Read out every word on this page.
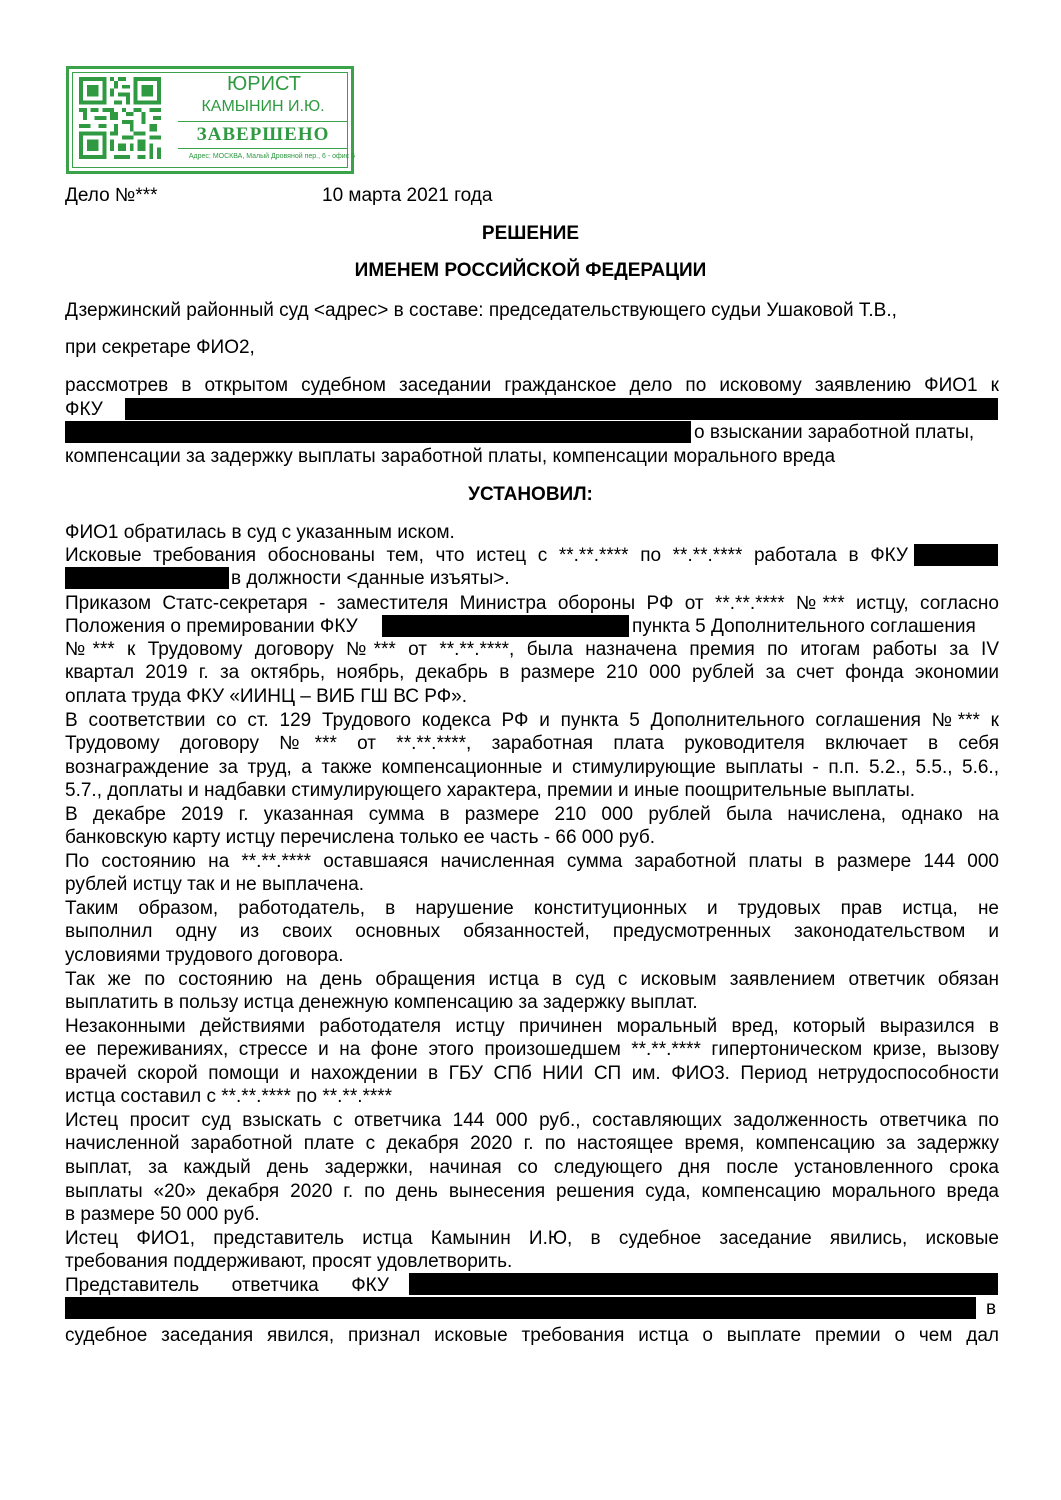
ЮРИСТ
КАМЫНИН И.Ю.
ЗАВЕРШЕНО
Адрес: МОСКВА, Малый Дровяной пер., 6 - офис 6
Дело №***	10 марта 2021 года
РЕШЕНИЕ
ИМЕНЕМ РОССИЙСКОЙ ФЕДЕРАЦИИ
Дзержинский районный суд <адрес> в составе: председательствующего судьи Ушаковой Т.В.,
при секретаре ФИО2,
рассмотрев в открытом судебном заседании гражданское дело по исковому заявлению ФИО1 к
ФКУ
о взыскании заработной платы,
компенсации за задержку выплаты заработной платы, компенсации морального вреда
УСТАНОВИЛ:
ФИО1 обратилась в суд с указанным иском.
Исковые требования обоснованы тем, что истец с **.**.**** по **.**.**** работала в ФКУ
в должности <данные изъяты>.
Приказом Статс-секретаря - заместителя Министра обороны РФ от **.**.**** №*** истцу, согласно
Положения о премировании ФКУ	пункта 5 Дополнительного соглашения
№*** к Трудовому договору №*** от **.**.****, была назначена премия по итогам работы за IV
квартал 2019 г. за октябрь, ноябрь, декабрь в размере 210 000 рублей за счет фонда экономии
оплата труда ФКУ «ИИНЦ – ВИБ ГШ ВС РФ».
В соответствии со ст. 129 Трудового кодекса РФ и пункта 5 Дополнительного соглашения №*** к
Трудовому договору №*** от **.**.****, заработная плата руководителя включает в себя
вознаграждение за труд, а также компенсационные и стимулирующие выплаты - п.п. 5.2., 5.5., 5.6.,
5.7., доплаты и надбавки стимулирующего характера, премии и иные поощрительные выплаты.
В декабре 2019 г. указанная сумма в размере 210 000 рублей была начислена, однако на
банковскую карту истцу перечислена только ее часть - 66 000 руб.
По состоянию на **.**.**** оставшаяся начисленная сумма заработной платы в размере 144 000
рублей истцу так и не выплачена.
Таким образом, работодатель, в нарушение конституционных и трудовых прав истца, не
выполнил одну из своих основных обязанностей, предусмотренных законодательством и
условиями трудового договора.
Так же по состоянию на день обращения истца в суд с исковым заявлением ответчик обязан
выплатить в пользу истца денежную компенсацию за задержку выплат.
Незаконными действиями работодателя истцу причинен моральный вред, который выразился в
ее переживаниях, стрессе и на фоне этого произошедшем **.**.**** гипертоническом кризе, вызову
врачей скорой помощи и нахождении в ГБУ СПб НИИ СП им. ФИО3. Период нетрудоспособности
истца составил с **.**.**** по **.**.****
Истец просит суд взыскать с ответчика 144 000 руб., составляющих задолженность ответчика по
начисленной заработной плате с декабря 2020 г. по настоящее время, компенсацию за задержку
выплат, за каждый день задержки, начиная со следующего дня после установленного срока
выплаты «20» декабря 2020 г. по день вынесения решения суда, компенсацию морального вреда
в размере 50 000 руб.
Истец ФИО1, представитель истца Камынин И.Ю, в судебное заседание явились, исковые
требования поддерживают, просят удовлетворить.
Представитель ответчика ФКУ
в
судебное заседания явился, признал исковые требования истца о выплате премии о чем дал
